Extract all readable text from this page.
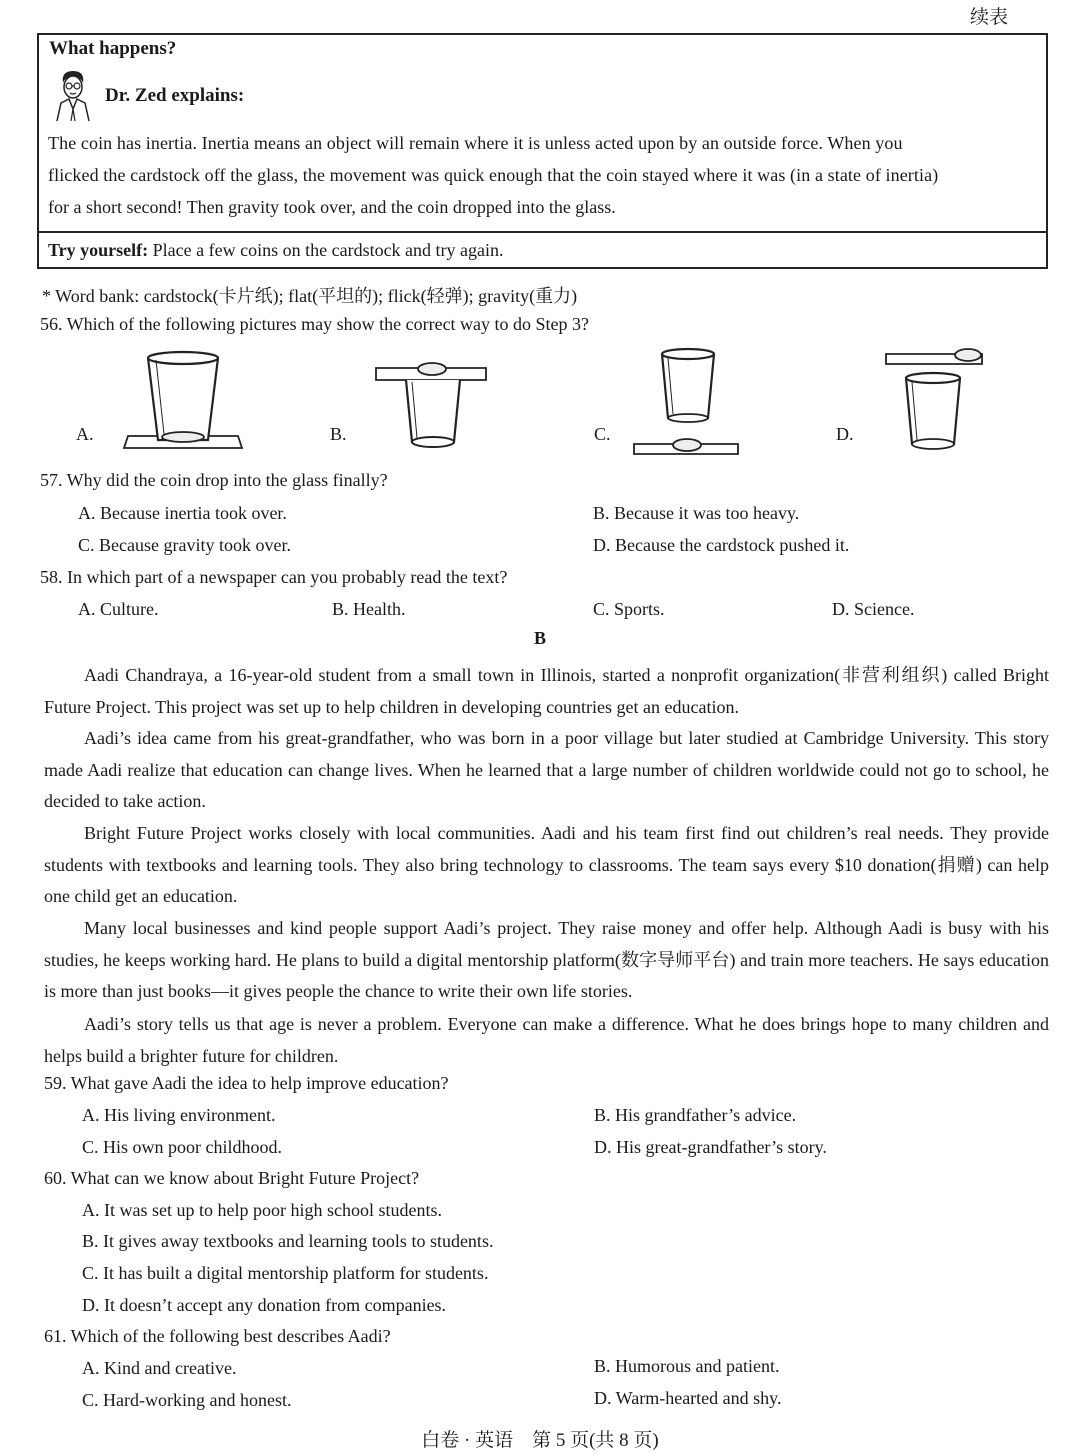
续表
What happens?
Dr. Zed explains:
The coin has inertia. Inertia means an object will remain where it is unless acted upon by an outside force. When you
flicked the cardstock off the glass, the movement was quick enough that the coin stayed where it was (in a state of inertia)
for a short second! Then gravity took over, and the coin dropped into the glass.
Try yourself: Place a few coins on the cardstock and try again.
* Word bank: cardstock(卡片纸); flat(平坦的); flick(轻弹); gravity(重力)
56. Which of the following pictures may show the correct way to do Step 3?
A.	B.	C.	D.
57. Why did the coin drop into the glass finally?
A. Because inertia took over.	B. Because it was too heavy.
C. Because gravity took over.	D. Because the cardstock pushed it.
58. In which part of a newspaper can you probably read the text?
A. Culture.	B. Health.	C. Sports.	D. Science.
B
Aadi Chandraya, a 16-year-old student from a small town in Illinois, started a nonprofit organization(非营利组织) called Bright Future Project. This project was set up to help children in developing countries get an education.
Aadi’s idea came from his great-grandfather, who was born in a poor village but later studied at Cambridge University. This story made Aadi realize that education can change lives. When he learned that a large number of children worldwide could not go to school, he decided to take action.
Bright Future Project works closely with local communities. Aadi and his team first find out children’s real needs. They provide students with textbooks and learning tools. They also bring technology to classrooms. The team says every $10 donation(捐赠) can help one child get an education.
Many local businesses and kind people support Aadi’s project. They raise money and offer help. Although Aadi is busy with his studies, he keeps working hard. He plans to build a digital mentorship platform(数字导师平台) and train more teachers. He says education is more than just books—it gives people the chance to write their own life stories.
Aadi’s story tells us that age is never a problem. Everyone can make a difference. What he does brings hope to many children and helps build a brighter future for children.
59. What gave Aadi the idea to help improve education?
A. His living environment.	B. His grandfather’s advice.
C. His own poor childhood.	D. His great-grandfather’s story.
60. What can we know about Bright Future Project?
A. It was set up to help poor high school students.
B. It gives away textbooks and learning tools to students.
C. It has built a digital mentorship platform for students.
D. It doesn’t accept any donation from companies.
61. Which of the following best describes Aadi?
A. Kind and creative.	B. Humorous and patient.
C. Hard-working and honest.	D. Warm-hearted and shy.
白卷 · 英语　第 5 页(共 8 页)
